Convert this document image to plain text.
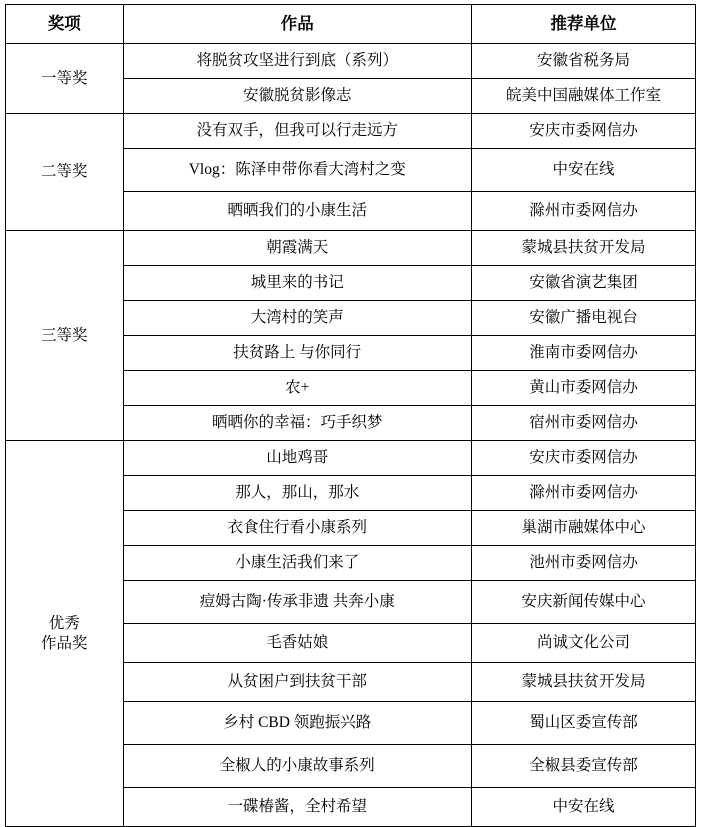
奖项	作品	推荐单位

一等奖	将脱贫攻坚进行到底（系列）	安徽省税务局
	安徽脱贫影像志	皖美中国融媒体工作室

二等奖	没有双手，但我可以行走远方	安庆市委网信办
	Vlog：陈泽申带你看大湾村之变	中安在线
	晒晒我们的小康生活	滁州市委网信办

三等奖	朝霞满天	蒙城县扶贫开发局
	城里来的书记	安徽省演艺集团
	大湾村的笑声	安徽广播电视台
	扶贫路上 与你同行	淮南市委网信办
	农+	黄山市委网信办
	晒晒你的幸福：巧手织梦	宿州市委网信办

优秀
作品奖	山地鸡哥	安庆市委网信办
	那人，那山，那水	滁州市委网信办
	衣食住行看小康系列	巢湖市融媒体中心
	小康生活我们来了	池州市委网信办
	痘姆古陶·传承非遗 共奔小康	安庆新闻传媒中心
	毛香姑娘	尚诚文化公司
	从贫困户到扶贫干部	蒙城县扶贫开发局
	乡村 CBD 领跑振兴路	蜀山区委宣传部
	全椒人的小康故事系列	全椒县委宣传部
	一碟椿酱，全村希望	中安在线
